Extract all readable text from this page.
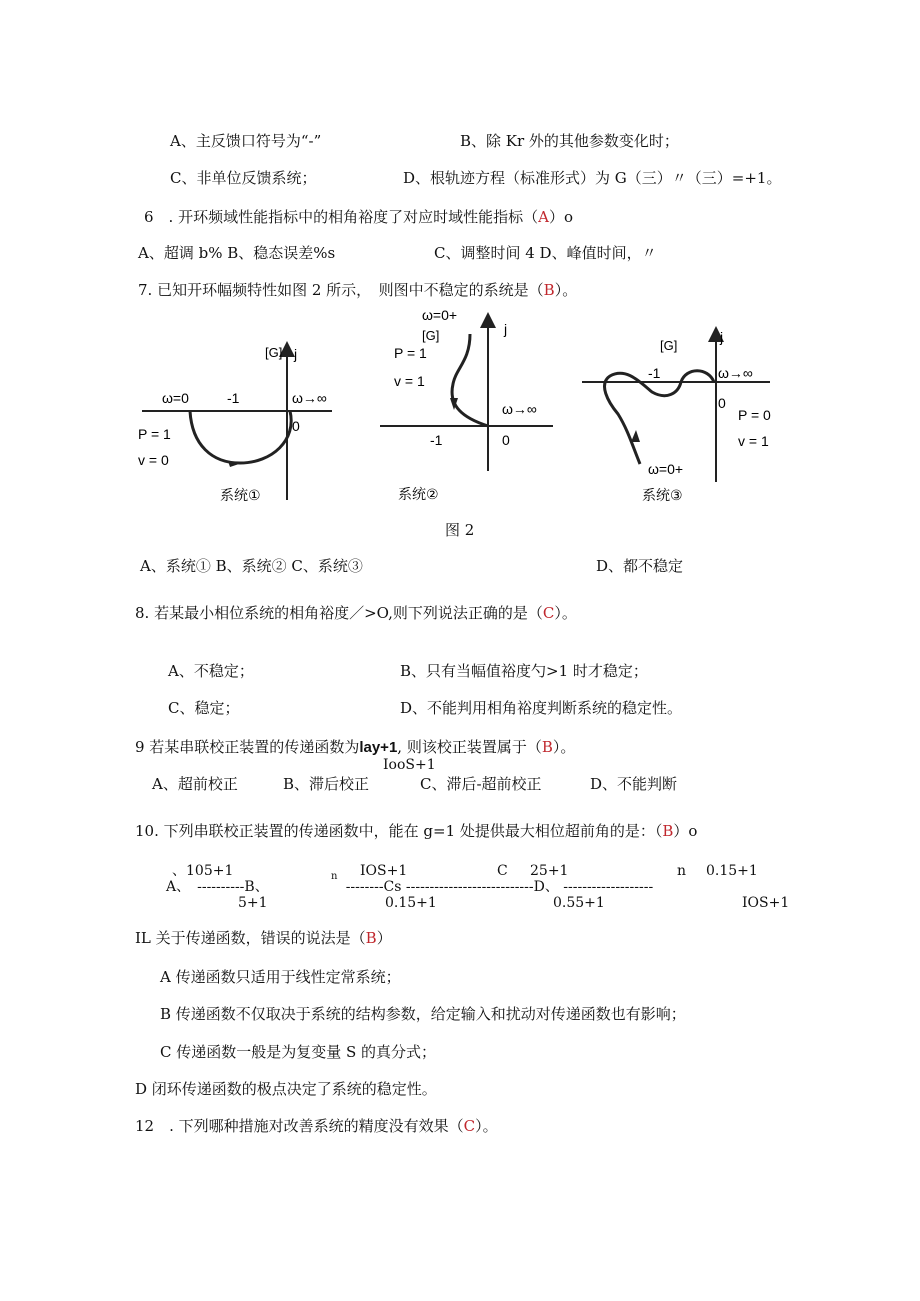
A、主反馈口符号为“-”	B、除 Kr 外的其他参数变化时；
C、非单位反馈系统；	D、根轨迹方程（标准形式）为 G（三）〃（三）=+1。
6　. 开环频域性能指标中的相角裕度了对应时域性能指标（A）o
A、超调 b% B、稳态误差%s	C、调整时间 4 D、峰值时间，〃
7. 已知开环幅频特性如图 2 所示，　则图中不稳定的系统是（B）。
[G] j
ω=0	-1	ω→∞
0
P = 1
v = 0
系统①
ω=0+
[G]	j
P = 1
v = 1
ω→∞
-1	0
系统②
[G]
j
-1	ω→∞
0
P = 0
v = 1
ω=0+
系统③
图 2
A、系统① B、系统② C、系统③	D、都不稳定
8. 若某最小相位系统的相角裕度／>O,则下列说法正确的是（C）。
A、不稳定；	B、只有当幅值裕度勺>1 时才稳定；
C、稳定；	D、不能判用相角裕度判断系统的稳定性。
9 若某串联校正装置的传递函数为lay+1, 则该校正装置属于（B）。
IooS+1
A、超前校正	B、滞后校正	C、滞后-超前校正	D、不能判断
10. 下列串联校正装置的传递函数中，能在 g=1 处提供最大相位超前角的是：（B）o
、105+1	n IOS+1	C 25+1	n 0.15+1
A、　----------B、　　　　　　--------Cs ---------------------------D、 -------------------
5+1	0.15+1	0.55+1	IOS+1
IL 关于传递函数，错误的说法是（B）
A 传递函数只适用于线性定常系统；
B 传递函数不仅取决于系统的结构参数，给定输入和扰动对传递函数也有影响；
C 传递函数一般是为复变量 S 的真分式；
D 闭环传递函数的极点决定了系统的稳定性。
12　. 下列哪种措施对改善系统的精度没有效果（C）。
